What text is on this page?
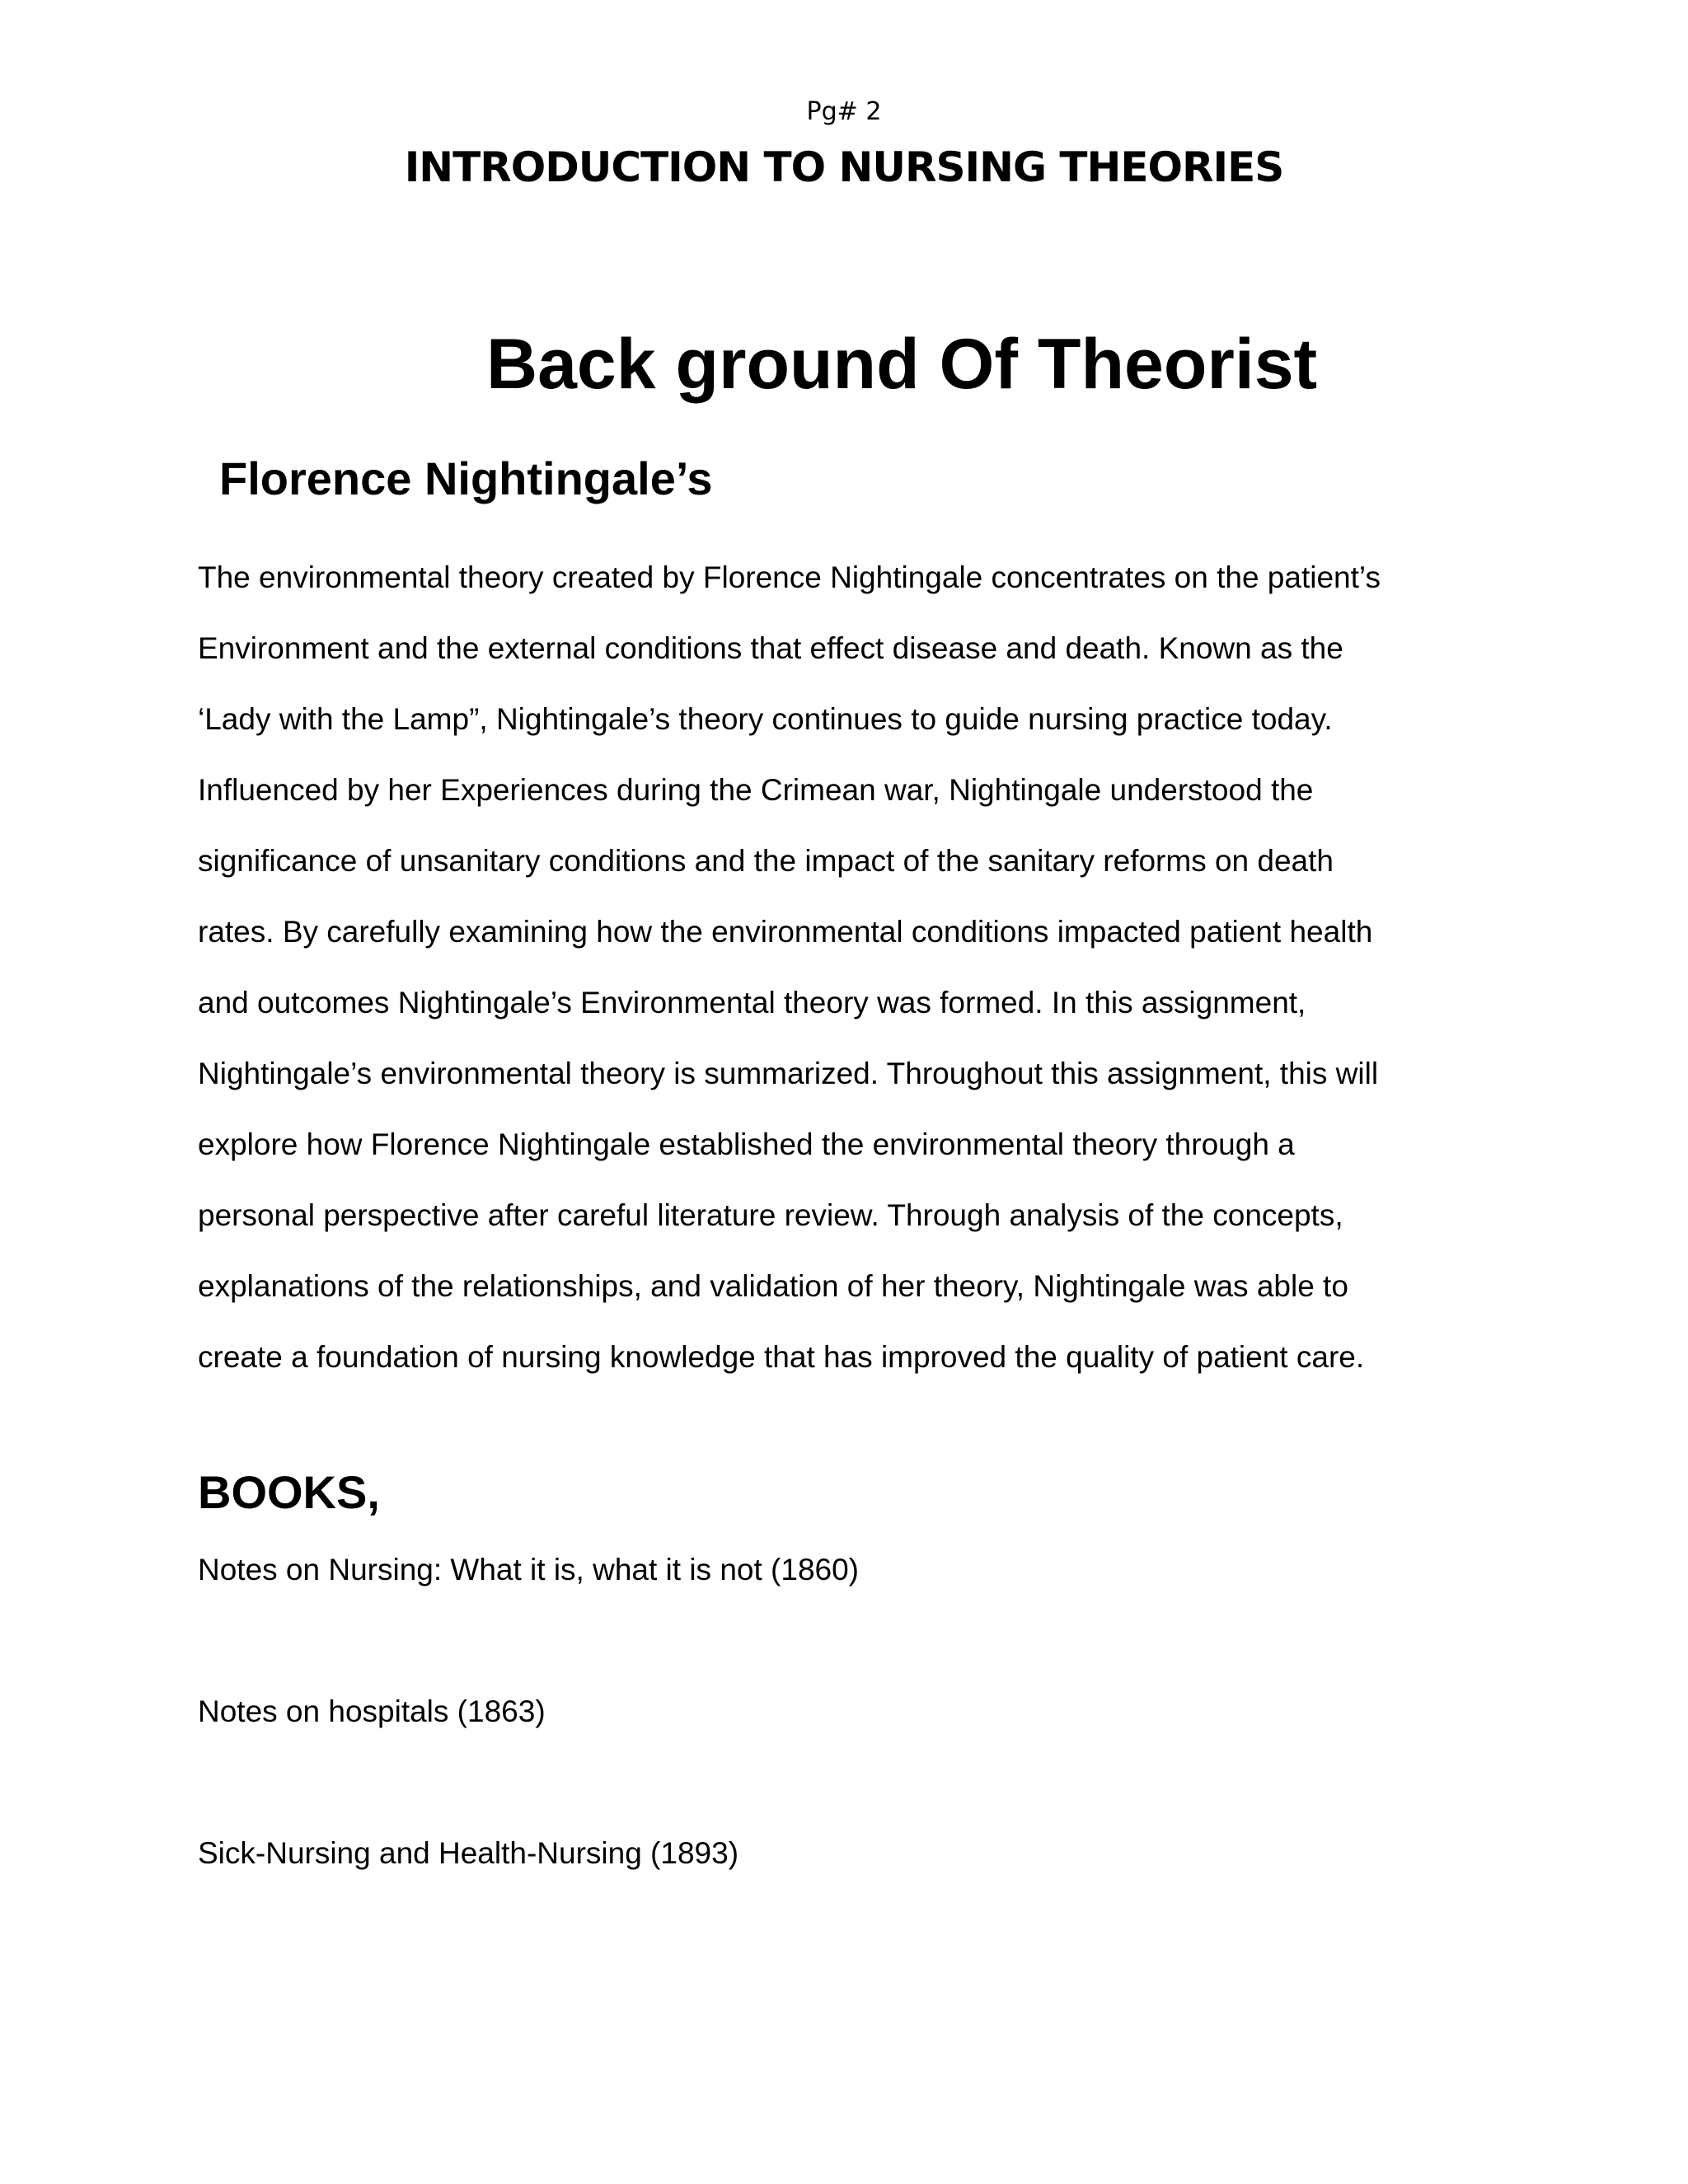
Pg# 2

INTRODUCTION TO NURSING THEORIES
Back ground Of Theorist
Florence Nightingale’s
The environmental theory created by Florence Nightingale concentrates on the patient’s
Environment and the external conditions that effect disease and death. Known as the
‘Lady with the Lamp”, Nightingale’s theory continues to guide nursing practice today.
Influenced by her Experiences during the Crimean war, Nightingale understood the
significance of unsanitary conditions and the impact of the sanitary reforms on death
rates. By carefully examining how the environmental conditions impacted patient health
and outcomes Nightingale’s Environmental theory was formed. In this assignment,
Nightingale’s environmental theory is summarized. Throughout this assignment, this will
explore how Florence Nightingale established the environmental theory through a
personal perspective after careful literature review. Through analysis of the concepts,
explanations of the relationships, and validation of her theory, Nightingale was able to
create a foundation of nursing knowledge that has improved the quality of patient care.
BOOKS,
Notes on Nursing: What it is, what it is not (1860)
Notes on hospitals (1863)
Sick-Nursing and Health-Nursing (1893)
